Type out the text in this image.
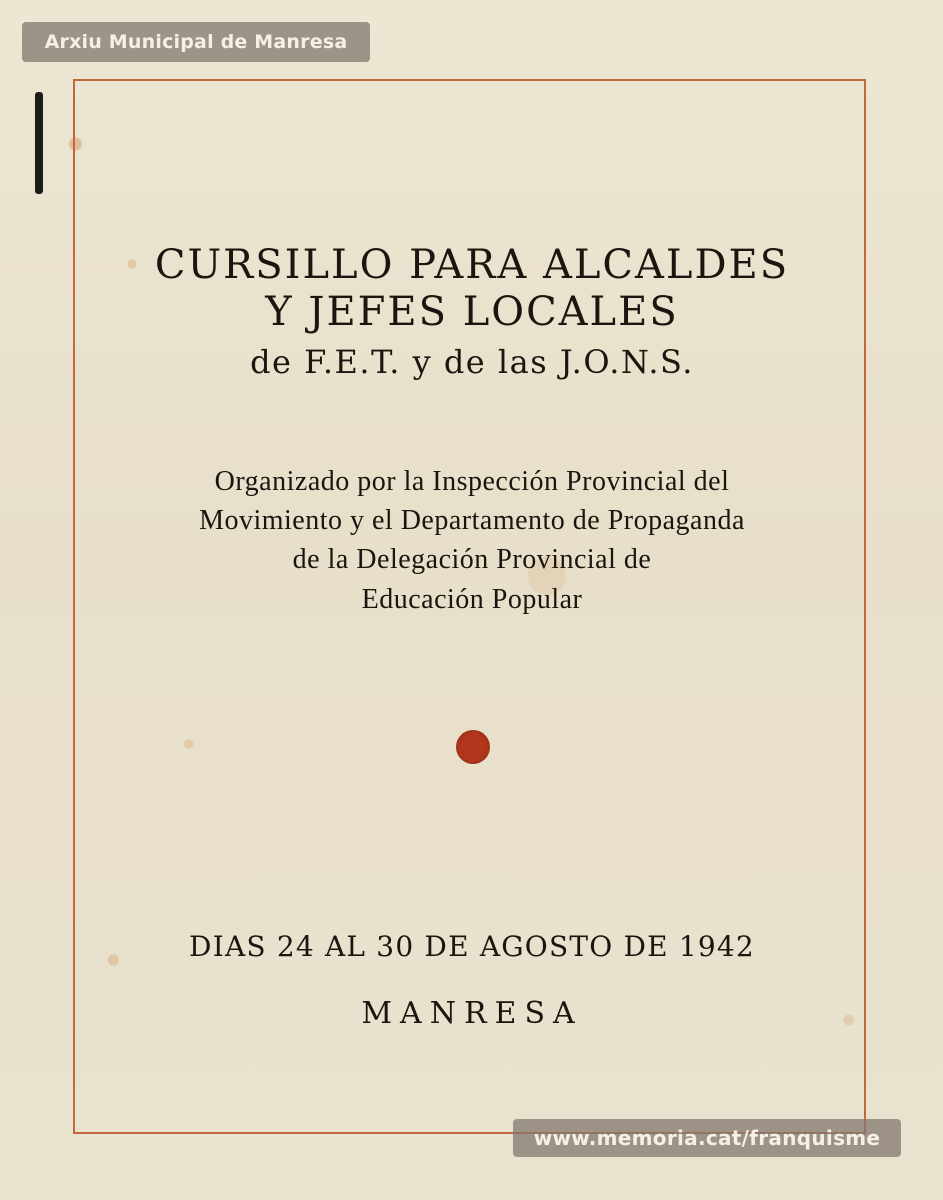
Arxiu Municipal de Manresa
CURSILLO PARA ALCALDES
Y JEFES LOCALES
de F.E.T. y de las J.O.N.S.
Organizado por la Inspección Provincial del
Movimiento y el Departamento de Propaganda
de la Delegación Provincial de
Educación Popular
DIAS 24 AL 30 DE AGOSTO DE 1942
MANRESA
www.memoria.cat/franquisme
